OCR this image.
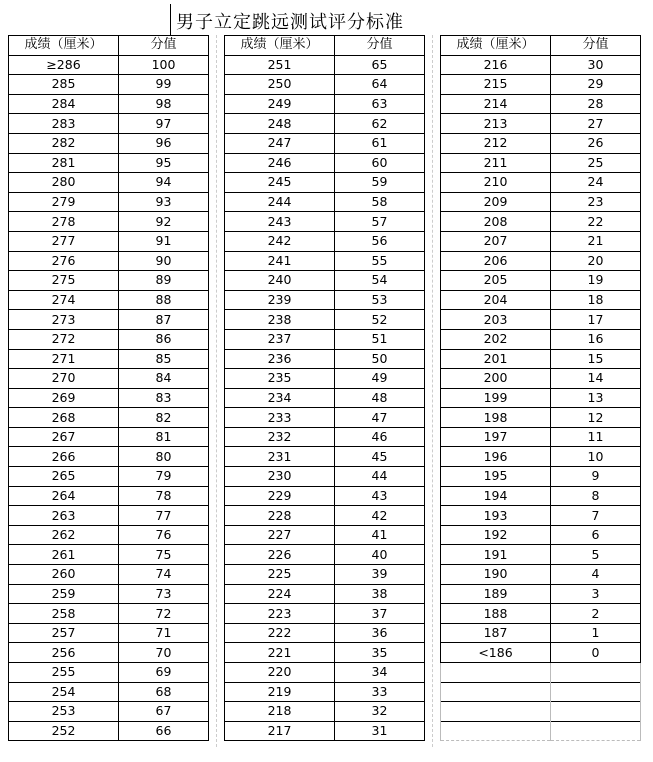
男子立定跳远测试评分标准
成绩（厘米）	分值
≥286	100
285	99
284	98
283	97
282	96
281	95
280	94
279	93
278	92
277	91
276	90
275	89
274	88
273	87
272	86
271	85
270	84
269	83
268	82
267	81
266	80
265	79
264	78
263	77
262	76
261	75
260	74
259	73
258	72
257	71
256	70
255	69
254	68
253	67
252	66
成绩（厘米）	分值
251	65
250	64
249	63
248	62
247	61
246	60
245	59
244	58
243	57
242	56
241	55
240	54
239	53
238	52
237	51
236	50
235	49
234	48
233	47
232	46
231	45
230	44
229	43
228	42
227	41
226	40
225	39
224	38
223	37
222	36
221	35
220	34
219	33
218	32
217	31
成绩（厘米）	分值
216	30
215	29
214	28
213	27
212	26
211	25
210	24
209	23
208	22
207	21
206	20
205	19
204	18
203	17
202	16
201	15
200	14
199	13
198	12
197	11
196	10
195	9
194	8
193	7
192	6
191	5
190	4
189	3
188	2
187	1
<186	0
